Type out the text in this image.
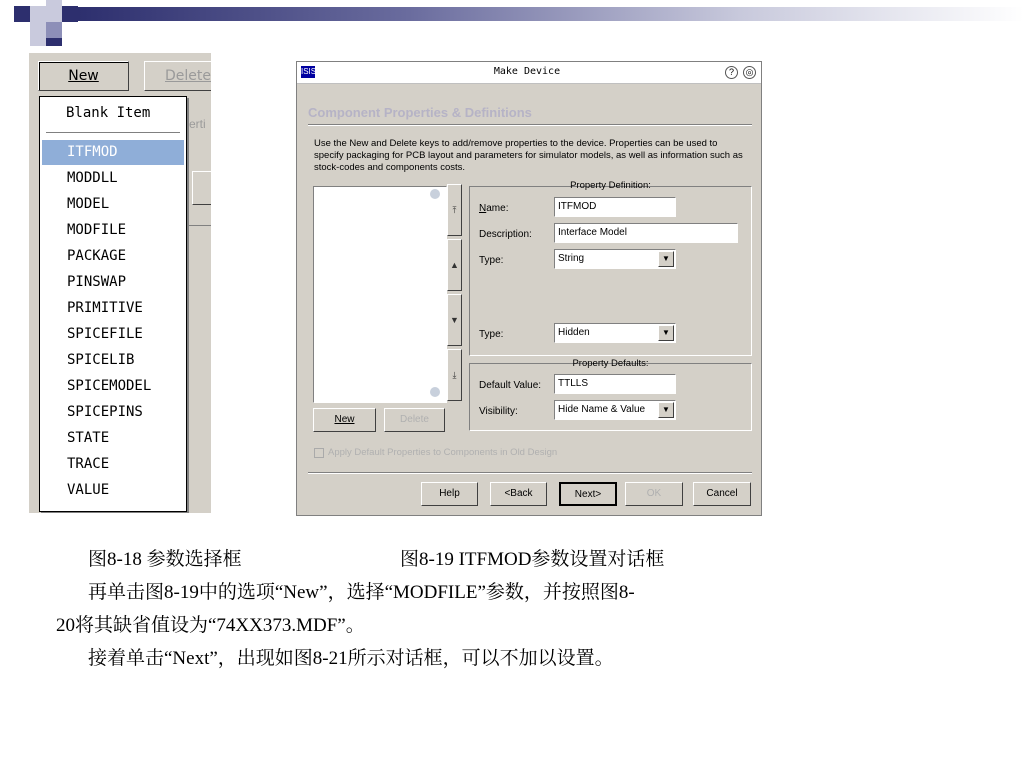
New	Delete
erti
Blank Item
ITFMOD
MODDLL
MODEL
MODFILE
PACKAGE
PINSWAP
PRIMITIVE
SPICEFILE
SPICELIB
SPICEMODEL
SPICEPINS
STATE
TRACE
VALUE
ISIS	Make Device	?	◎
Component Properties & Definitions
Use the New and Delete keys to add/remove properties to the device. Properties can be used to specify packaging for PCB layout and parameters for simulator models, as well as information such as stock-codes and components costs.
⤒
▲
▼
⤓
New	Delete
Property Definition:
Name:	ITFMOD
Description:	Interface Model
Type:	String	▼
Type:	Hidden	▼
Property Defaults:
Default Value:	TTLLS
Visibility:	Hide Name & Value	▼
Apply Default Properties to Components in Old Design
Help	<Back	Next>	OK	Cancel
图8-18 参数选择框	图8-19 ITFMOD参数设置对话框
再单击图8-19中的选项“New”，选择“MODFILE”参数，并按照图8-
20将其缺省值设为“74XX373.MDF”。
接着单击“Next”，出现如图8-21所示对话框，可以不加以设置。
